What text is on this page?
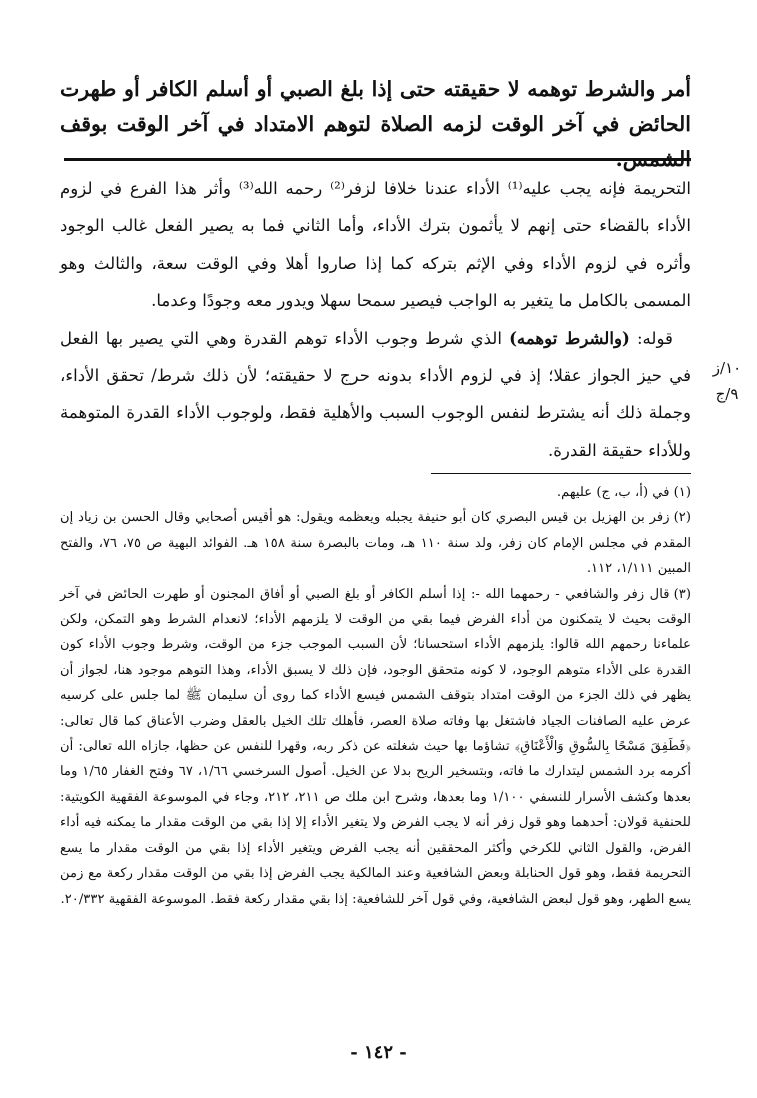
أمر والشرط توهمه لا حقيقته حتى إذا بلغ الصبي أو أسلم الكافر أو طهرت الحائض في آخر الوقت لزمه الصلاة لتوهم الامتداد في آخر الوقت بوقف الشمس.

التحريمة فإنه يجب عليه⁽¹⁾ الأداء عندنا خلافا لزفر⁽²⁾ رحمه الله⁽³⁾ وأثر هذا الفرع في لزوم الأداء بالقضاء حتى إنهم لا يأثمون بترك الأداء، وأما الثاني فما به يصير الفعل غالب الوجود وأثره في لزوم الأداء وفي الإثم بتركه كما إذا صاروا أهلا وفي الوقت سعة، والثالث وهو المسمى بالكامل ما يتغير به الواجب فيصير سمحا سهلا ويدور معه وجودًا وعدما.

قوله: (والشرط توهمه) الذي شرط وجوب الأداء توهم القدرة وهي التي يصير بها الفعل في حيز الجواز عقلا؛ إذ في لزوم الأداء بدونه حرج لا حقيقته؛ لأن ذلك شرط/ تحقق الأداء، وجملة ذلك أنه يشترط لنفس الوجوب السبب والأهلية فقط، ولوجوب الأداء القدرة المتوهمة وللأداء حقيقة القدرة.

١٠/ز
٩/ج

(١)في (أ، ب، ج) عليهم.

(٢)زفر بن الهزيل بن قيس البصري كان أبو حنيفة يجبله ويعظمه ويقول: هو أقيس أصحابي وقال الحسن بن زياد إن المقدم في مجلس الإمام كان زفر، ولد سنة ١١٠ هـ، ومات بالبصرة سنة ١٥٨ هـ. الفوائد البهية ص ٧٥، ٧٦، والفتح المبين ١/١١١، ١١٢.

(٣)قال زفر والشافعي - رحمهما الله -: إذا أسلم الكافر أو بلغ الصبي أو أفاق المجنون أو طهرت الحائض في آخر الوقت بحيث لا يتمكنون من أداء الفرض فيما بقي من الوقت لا يلزمهم الأداء؛ لانعدام الشرط وهو التمكن، ولكن علماءنا رحمهم الله قالوا: يلزمهم الأداء استحسانا؛ لأن السبب الموجب جزء من الوقت، وشرط وجوب الأداء كون القدرة على الأداء متوهم الوجود، لا كونه متحقق الوجود، فإن ذلك لا يسبق الأداء، وهذا التوهم موجود هنا، لجواز أن يظهر في ذلك الجزء من الوقت امتداد بتوقف الشمس فيسع الأداء كما روى أن سليمان ﷺ لما جلس على كرسيه عرض عليه الصافنات الجياد فاشتغل بها وفاته صلاة العصر، فأهلك تلك الخيل بالعقل وضرب الأعناق كما قال تعالى: ﴿فَطَفِقَ مَسْحًا بِالسُّوقِ وَالْأَعْنَاقِ﴾ تشاؤما بها حيث شغلته عن ذكر ربه، وقهرا للنفس عن حظها، جازاه الله تعالى: أن أكرمه برد الشمس ليتدارك ما فاته، وبتسخير الريح بدلا عن الخيل. أصول السرخسي ١/٦٦، ٦٧ وفتح الغفار ١/٦٥ وما بعدها وكشف الأسرار للنسفي ١/١٠٠ وما بعدها، وشرح ابن ملك ص ٢١١، ٢١٢، وجاء في الموسوعة الفقهية الكويتية: للحنفية قولان: أحدهما وهو قول زفر أنه لا يجب الفرض ولا يتغير الأداء إلا إذا بقي من الوقت مقدار ما يمكنه فيه أداء الفرض، والقول الثاني للكرخي وأكثر المحققين أنه يجب الفرض ويتغير الأداء إذا بقي من الوقت مقدار ما يسع التحريمة فقط، وهو قول الحنابلة وبعض الشافعية وعند المالكية يجب الفرض إذا بقي من الوقت مقدار ركعة مع زمن يسع الطهر، وهو قول لبعض الشافعية، وفي قول آخر للشافعية: إذا بقي مقدار ركعة فقط. الموسوعة الفقهية ٢٠/٣٣٢.

- ١٤٢ -
